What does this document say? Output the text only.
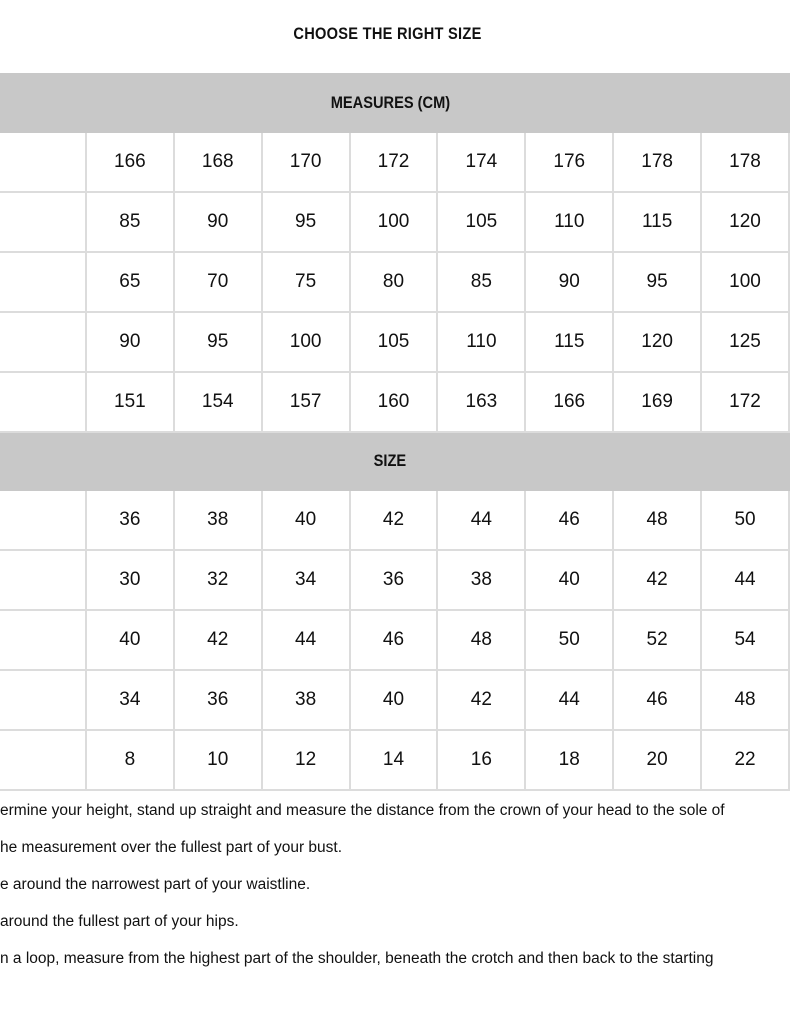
CHOOSE THE RIGHT SIZE
MEASURES (CM)								
	166	168	170	172	174	176	178	178
	85	90	95	100	105	110	115	120
	65	70	75	80	85	90	95	100
	90	95	100	105	110	115	120	125
	151	154	157	160	163	166	169	172
SIZE								
	36	38	40	42	44	46	48	50
	30	32	34	36	38	40	42	44
	40	42	44	46	48	50	52	54
	34	36	38	40	42	44	46	48
	8	10	12	14	16	18	20	22
ermine your height, stand up straight and measure the distance from the crown of your head to the sole of
he measurement over the fullest part of your bust.
e around the narrowest part of your waistline.
around the fullest part of your hips.
n a loop, measure from the highest part of the shoulder, beneath the crotch and then back to the starting
